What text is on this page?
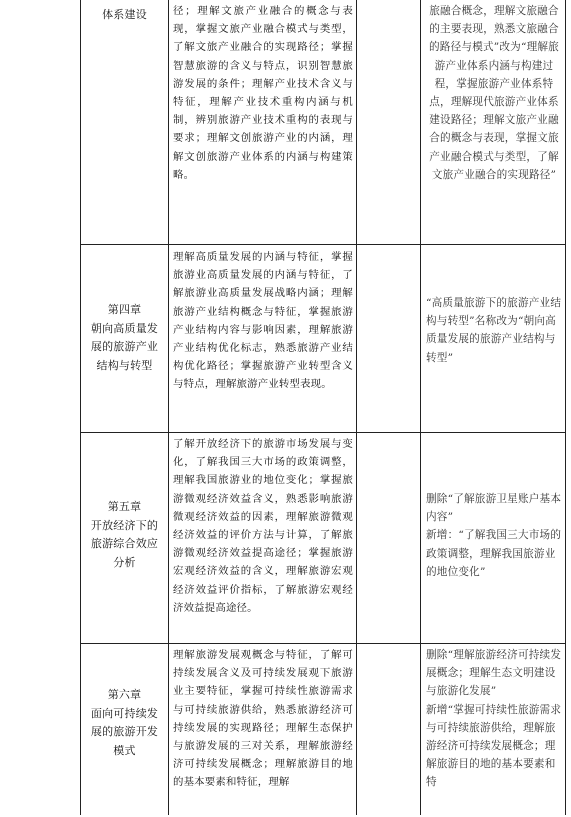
体系建设	径；理解文旅产业融合的概念与表现，掌握文旅产业融合模式与类型，了解文旅产业融合的实现路径；掌握智慧旅游的含义与特点，识别智慧旅游发展的条件；理解产业技术含义与特征，理解产业技术重构内涵与机制，辨别旅游产业技术重构的表现与要求；理解文创旅游产业的内涵，理解文创旅游产业体系的内涵与构建策略。

旅融合概念，理解文旅融合的主要表现，熟悉文旅融合的路径与模式”改为“理解旅游产业体系内涵与构建过程，掌握旅游产业体系特点，理解现代旅游产业体系建设路径；理解文旅产业融合的概念与表现，掌握文旅产业融合模式与类型，了解文旅产业融合的实现路径”

第四章
朝向高质量发
展的旅游产业
结构与转型

理解高质量发展的内涵与特征，掌握旅游业高质量发展的内涵与特征，了解旅游业高质量发展战略内涵；理解旅游产业结构概念与特征，掌握旅游产业结构内容与影响因素，理解旅游产业结构优化标志，熟悉旅游产业结构优化路径；掌握旅游产业转型含义与特点，理解旅游产业转型表现。

“高质量旅游下的旅游产业结构与转型”名称改为“朝向高质量发展的旅游产业结构与转型”

第五章
开放经济下的
旅游综合效应
分析

了解开放经济下的旅游市场发展与变化，了解我国三大市场的政策调整，理解我国旅游业的地位变化；掌握旅游微观经济效益含义，熟悉影响旅游微观经济效益的因素，理解旅游微观经济效益的评价方法与计算，了解旅游微观经济效益提高途径；掌握旅游宏观经济效益的含义，理解旅游宏观经济效益评价指标，了解旅游宏观经济效益提高途径。

删除“了解旅游卫星账户基本内容”

新增：“了解我国三大市场的政策调整，理解我国旅游业的地位变化”

第六章
面向可持续发
展的旅游开发
模式

理解旅游发展观概念与特征，了解可持续发展含义及可持续发展观下旅游业主要特征，掌握可持续性旅游需求与可持续旅游供给，熟悉旅游经济可持续发展的实现路径；理解生态保护与旅游发展的三对关系，理解旅游经济可持续发展概念；理解旅游目的地的基本要素和特征，理解

删除“理解旅游经济可持续发展概念；理解生态文明建设与旅游化发展”

新增“掌握可持续性旅游需求与可持续旅游供给，理解旅游经济可持续发展概念；理解旅游目的地的基本要素和特
